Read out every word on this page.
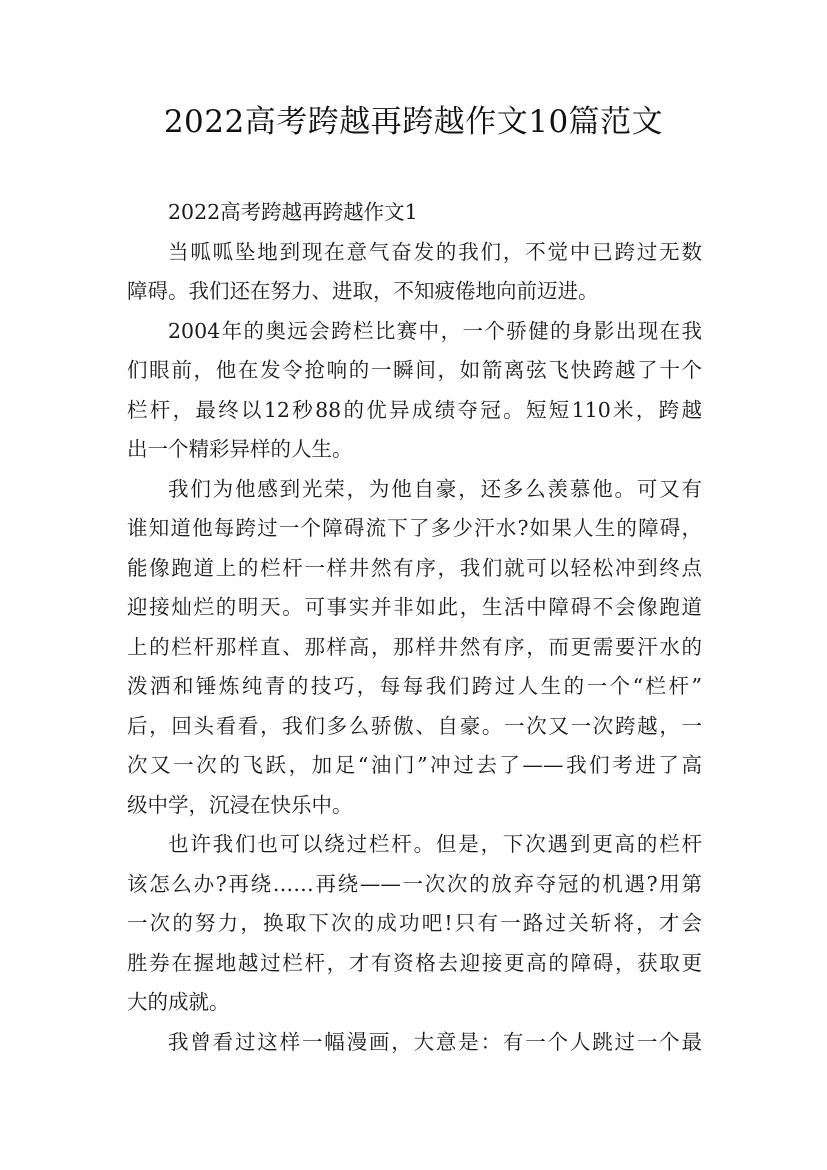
2022高考跨越再跨越作文10篇范文
2022高考跨越再跨越作文1
当呱呱坠地到现在意气奋发的我们，不觉中已跨过无数
障碍。我们还在努力、进取，不知疲倦地向前迈进。
2004年的奥远会跨栏比赛中，一个骄健的身影出现在我
们眼前，他在发令抢响的一瞬间，如箭离弦飞快跨越了十个
栏杆，最终以12秒88的优异成绩夺冠。短短110米，跨越
出一个精彩异样的人生。
我们为他感到光荣，为他自豪，还多么羡慕他。可又有
谁知道他每跨过一个障碍流下了多少汗水?如果人生的障碍，
能像跑道上的栏杆一样井然有序，我们就可以轻松冲到终点
迎接灿烂的明天。可事实并非如此，生活中障碍不会像跑道
上的栏杆那样直、那样高，那样井然有序，而更需要汗水的
泼洒和锤炼纯青的技巧，每每我们跨过人生的一个“栏杆”
后，回头看看，我们多么骄傲、自豪。一次又一次跨越，一
次又一次的飞跃，加足“油门”冲过去了——我们考进了高
级中学，沉浸在快乐中。
也许我们也可以绕过栏杆。但是，下次遇到更高的栏杆
该怎么办?再绕……再绕——一次次的放弃夺冠的机遇?用第
一次的努力，换取下次的成功吧!只有一路过关斩将，才会
胜券在握地越过栏杆，才有资格去迎接更高的障碍，获取更
大的成就。
我曾看过这样一幅漫画，大意是：有一个人跳过一个最
